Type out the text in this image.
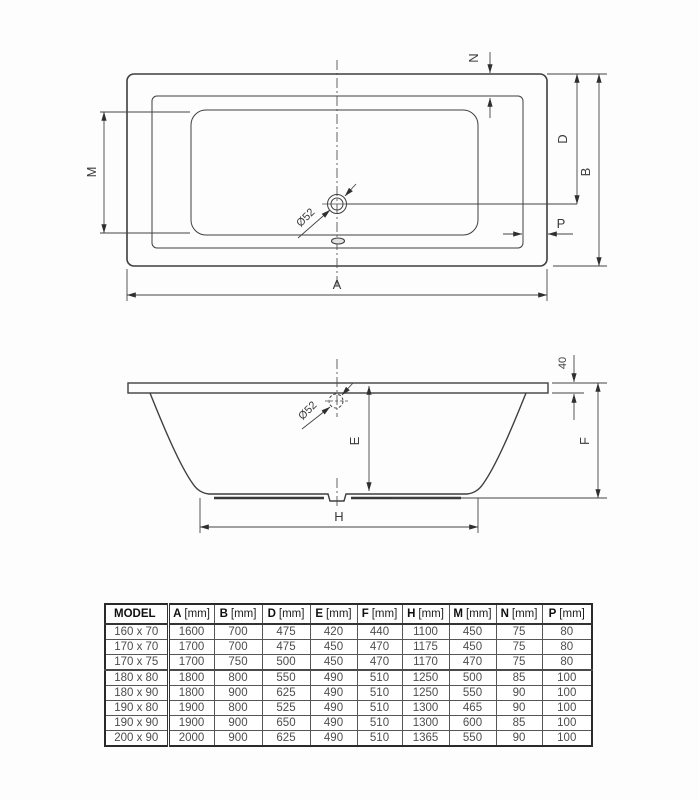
Ø52
M
N
D
B
P
A
Ø52
E
40
F
H
MODEL	A [mm]	B [mm]	D [mm]	E [mm]	F [mm]	H [mm]	M [mm]	N [mm]	P [mm]
160 x 70	1600	700	475	420	440	1100	450	75	80
170 x 70	1700	700	475	450	470	1175	450	75	80
170 x 75	1700	750	500	450	470	1170	470	75	80
180 x 80	1800	800	550	490	510	1250	500	85	100
180 x 90	1800	900	625	490	510	1250	550	90	100
190 x 80	1900	800	525	490	510	1300	465	90	100
190 x 90	1900	900	650	490	510	1300	600	85	100
200 x 90	2000	900	625	490	510	1365	550	90	100
